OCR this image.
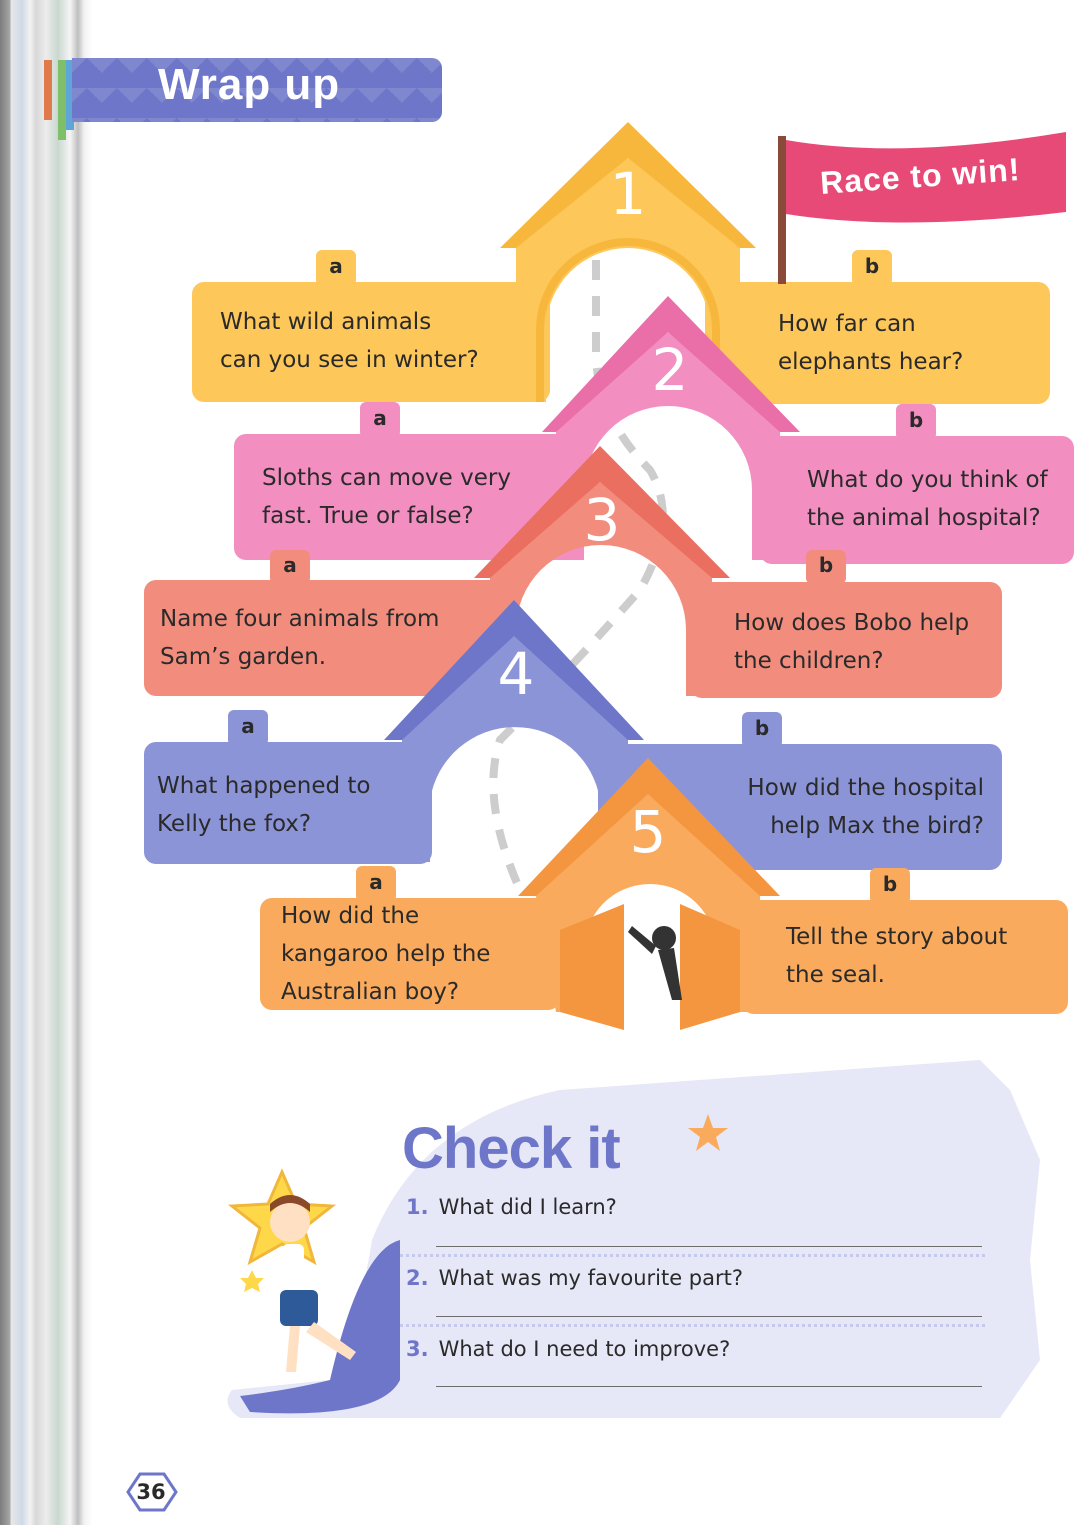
Wrap up
Race to win!
1
2
3
4
5
a	b
a	b
a	b
a	b
a	b
What wild animals
can you see in winter?
How far can
elephants hear?
Sloths can move very
fast. True or false?
What do you think of
the animal hospital?
Name four animals from
Sam’s garden.
How does Bobo help
the children?
What happened to
Kelly the fox?
How did the hospital
help Max the bird?
How did the
kangaroo help the
Australian boy?
Tell the story about
the seal.
Check it
1. What did I learn?
2. What was my favourite part?
3. What do I need to improve?
36
